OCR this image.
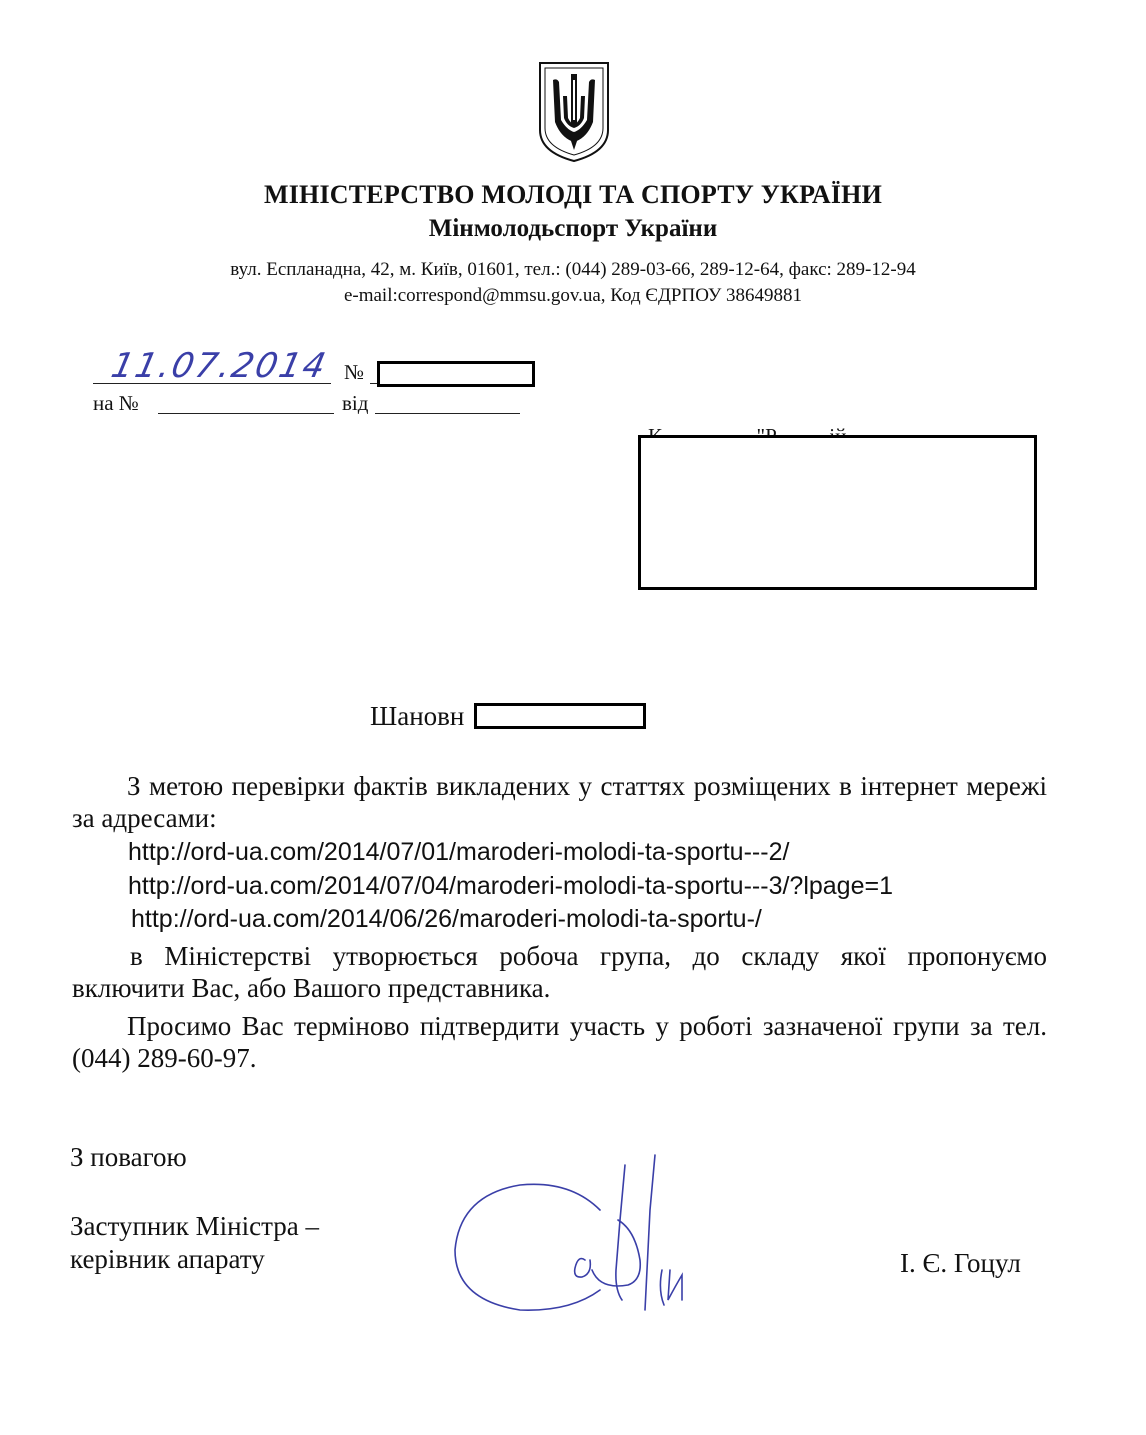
МІНІСТЕРСТВО МОЛОДІ ТА СПОРТУ УКРАЇНИ
Мінмолодьспорт України
вул. Еспланадна, 42, м. Київ, 01601, тел.: (044) 289-03-66, 289-12-64, факс: 289-12-94
e-mail:correspond@mmsu.gov.ua, Код ЄДРПОУ 38649881
11.07.2014 №
на №	від
Шановн
З метою перевірки фактів викладених у статтях розміщених в інтернет мережі за адресами:
http://ord-ua.com/2014/07/01/maroderi-molodi-ta-sportu---2/
http://ord-ua.com/2014/07/04/maroderi-molodi-ta-sportu---3/?lpage=1
http://ord-ua.com/2014/06/26/maroderi-molodi-ta-sportu-/
в Міністерстві утворюється робоча група, до складу якої пропонуємо включити Вас, або Вашого представника.
Просимо Вас терміново підтвердити участь у роботі зазначеної групи за тел. (044) 289-60-97.
З повагою
Заступник Міністра –
керівник апарату	І. Є. Гоцул
